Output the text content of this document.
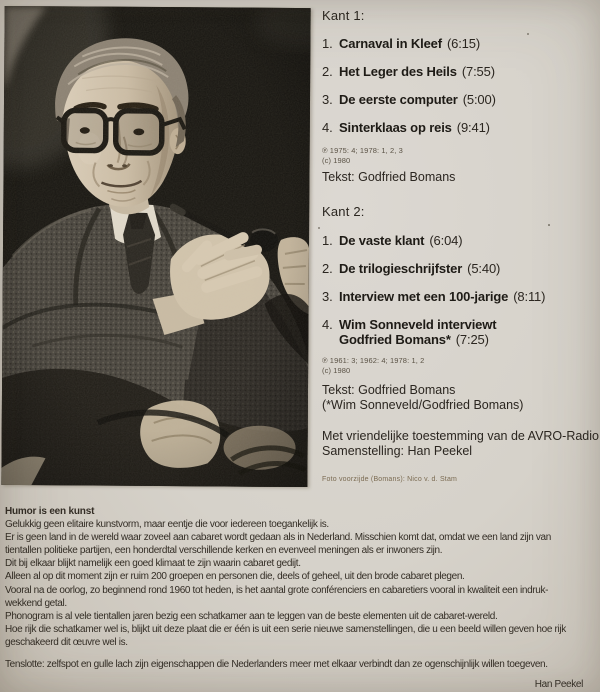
Kant 1:
1. Carnaval in Kleef (6:15)
2. Het Leger des Heils (7:55)
3. De eerste computer (5:00)
4. Sinterklaas op reis (9:41)
℗ 1975: 4; 1978: 1, 2, 3
(c) 1980
Tekst: Godfried Bomans
Kant 2:
1. De vaste klant (6:04)
2. De trilogieschrijfster (5:40)
3. Interview met een 100-jarige (8:11)
4. Wim Sonneveld interviewt
Godfried Bomans* (7:25)
℗ 1961: 3; 1962: 4; 1978: 1, 2
(c) 1980
Tekst: Godfried Bomans
(*Wim Sonneveld/Godfried Bomans)
Met vriendelijke toestemming van de AVRO-Radio
Samenstelling: Han Peekel
Foto voorzijde (Bomans): Nico v. d. Stam
Humor is een kunst
Gelukkig geen elitaire kunstvorm, maar eentje die voor iedereen toegankelijk is.
Er is geen land in de wereld waar zoveel aan cabaret wordt gedaan als in Nederland. Misschien komt dat, omdat we een land zijn van
tientallen politieke partijen, een honderdtal verschillende kerken en evenveel meningen als er inwoners zijn.
Dit bij elkaar blijkt namelijk een goed klimaat te zijn waarin cabaret gedijt.
Alleen al op dit moment zijn er ruim 200 groepen en personen die, deels of geheel, uit den brode cabaret plegen.
Vooral na de oorlog, zo beginnend rond 1960 tot heden, is het aantal grote conférenciers en cabaretiers vooral in kwaliteit een indruk-
wekkend getal.
Phonogram is al vele tientallen jaren bezig een schatkamer aan te leggen van de beste elementen uit de cabaret-wereld.
Hoe rijk die schatkamer wel is, blijkt uit deze plaat die er één is uit een serie nieuwe samenstellingen, die u een beeld willen geven hoe rijk
geschakeerd dit œuvre wel is.
Tenslotte: zelfspot en gulle lach zijn eigenschappen die Nederlanders meer met elkaar verbindt dan ze ogenschijnlijk willen toegeven.
Han Peekel
